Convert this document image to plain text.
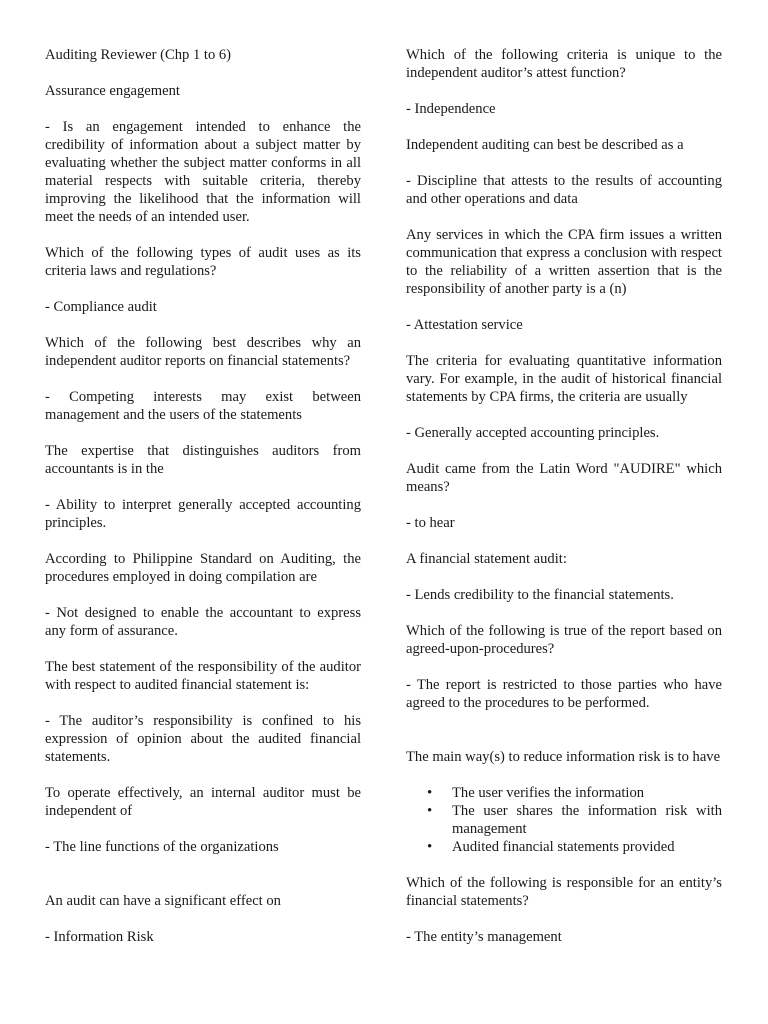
Auditing Reviewer (Chp 1 to 6)

Assurance engagement

- Is an engagement intended to enhance the credibility of information about a subject matter by evaluating whether the subject matter conforms in all material respects with suitable criteria, thereby improving the likelihood that the information will meet the needs of an intended user.

Which of the following types of audit uses as its criteria laws and regulations?

- Compliance audit

Which of the following best describes why an independent auditor reports on financial statements?

- Competing interests may exist between management and the users of the statements

The expertise that distinguishes auditors from accountants is in the

- Ability to interpret generally accepted accounting principles.

According to Philippine Standard on Auditing, the procedures employed in doing compilation are

- Not designed to enable the accountant to express any form of assurance.

The best statement of the responsibility of the auditor with respect to audited financial statement is:

- The auditor’s responsibility is confined to his expression of opinion about the audited financial statements.

To operate effectively, an internal auditor must be independent of

- The line functions of the organizations

An audit can have a significant effect on

- Information Risk

Which of the following criteria is unique to the independent auditor’s attest function?

- Independence

Independent auditing can best be described as a

- Discipline that attests to the results of accounting and other operations and data

Any services in which the CPA firm issues a written communication that express a conclusion with respect to the reliability of a written assertion that is the responsibility of another party is a (n)

- Attestation service

The criteria for evaluating quantitative information vary. For example, in the audit of historical financial statements by CPA firms, the criteria are usually

- Generally accepted accounting principles.

Audit came from the Latin Word "AUDIRE" which means?

- to hear

A financial statement audit:

- Lends credibility to the financial statements.

Which of the following is true of the report based on agreed-upon-procedures?

- The report is restricted to those parties who have agreed to the procedures to be performed.

The main way(s) to reduce information risk is to have

• The user verifies the information
• The user shares the information risk with management
• Audited financial statements provided

Which of the following is responsible for an entity’s financial statements?

- The entity’s management
